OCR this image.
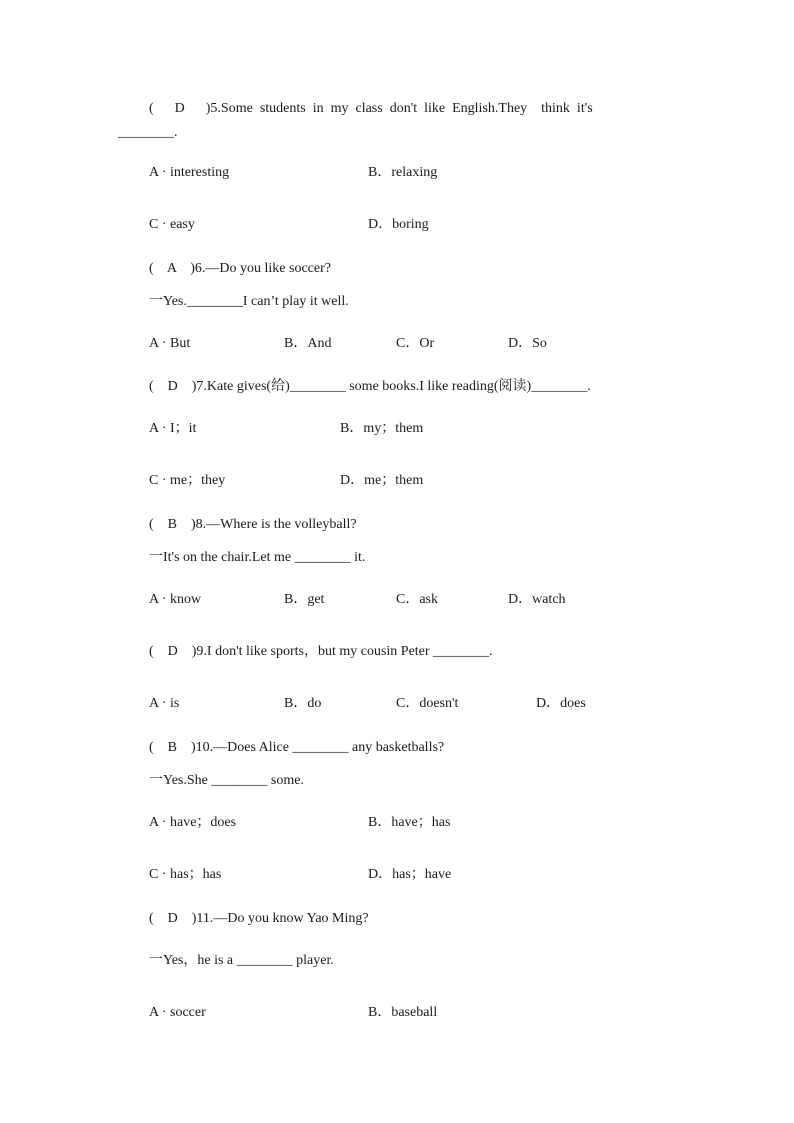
(      D      )5.Some  students  in  my  class  don't  like  English.They    think  it's
________.
A · interesting	B．relaxing
C · easy	D．boring
(    A    )6.—Do you like soccer?
一Yes.________I can’t play it well.
A · But	B．And	C．Or	D．So
(    D    )7.Kate gives(给)________ some books.I like reading(阅读)________.
A · I；it	B．my；them
C · me；they	D．me；them
(    B    )8.—Where is the volleyball?
一It's on the chair.Let me ________ it.
A · know	B．get	C．ask	D．watch
(    D    )9.I don't like sports，but my cousin Peter ________.
A · is	B．do	C．doesn't	D．does
(    B    )10.—Does Alice ________ any basketballs?
一Yes.She ________ some.
A · have；does	B．have；has
C · has；has	D．has；have
(    D    )11.—Do you know Yao Ming?
一Yes，he is a ________ player.
A · soccer	B．baseball
